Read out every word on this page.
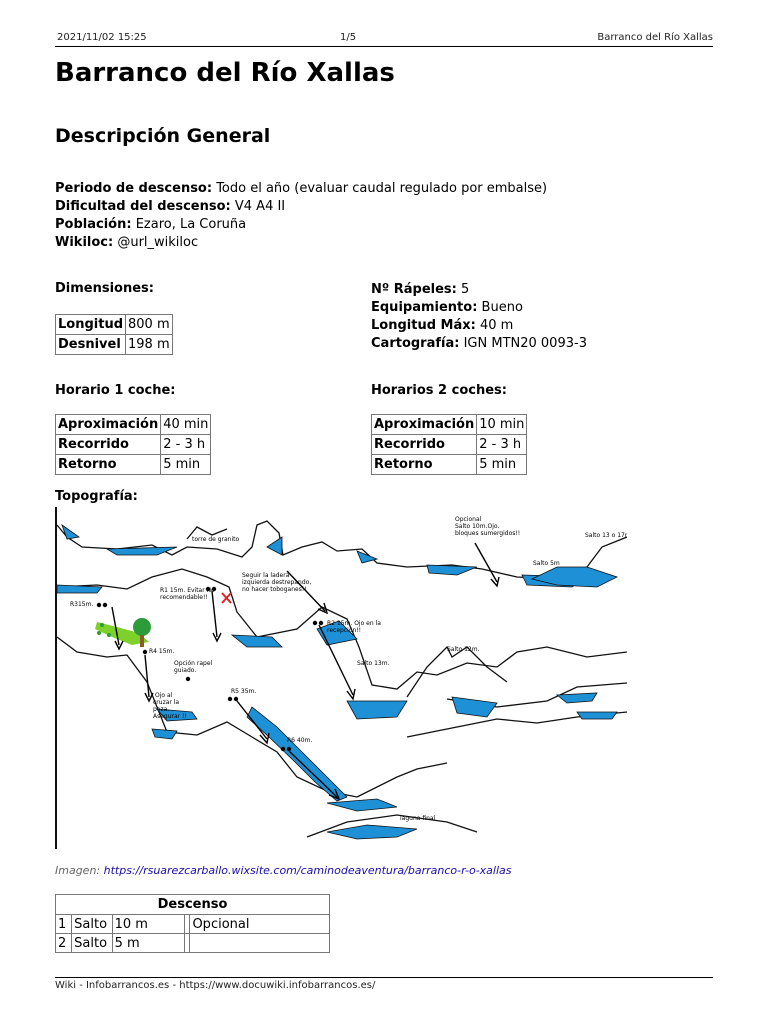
2021/11/02 15:25	1/5	Barranco del Río Xallas
Barranco del Río Xallas
Descripción General
Periodo de descenso: Todo el año (evaluar caudal regulado por embalse)
Dificultad del descenso: V4 A4 II
Población: Ezaro, La Coruña
Wikiloc: @url_wikiloc
Dimensiones:
Longitud	800 m
Desnivel	198 m
Nº Rápeles: 5
Equipamiento: Bueno
Longitud Máx: 40 m
Cartografía: IGN MTN20 0093-3
Horario 1 coche:
Aproximación	40 min
Recorrido	2 - 3 h
Retorno	5 min
Horarios 2 coches:
Aproximación	10 min
Recorrido	2 - 3 h
Retorno	5 min
Topografía:
torre de granito
Opcional
Salto 10m.Ojo.
bloques sumergidos!!	Salto 13 o 17m
Salto 5m
Seguir la ladera
izquierda destrepando,
no hacer toboganes!!
R1 15m. Evitar No
recomendable!!
R315m.
R2 15m. Ojo en la
recepción!!
Salto 12m.
Salto 13m.
R4 15m.
Opción rapel
guiado.
Ojo al
cruzar la
poza.
Asegurar !!
R5 35m.
R6 40m.
laguna final
Imagen: https://rsuarezcarballo.wixsite.com/caminodeaventura/barranco-r-o-xallas
Descenso				
1	Salto	10 m		Opcional
2	Salto	5 m		
Wiki - Infobarrancos.es - https://www.docuwiki.infobarrancos.es/
